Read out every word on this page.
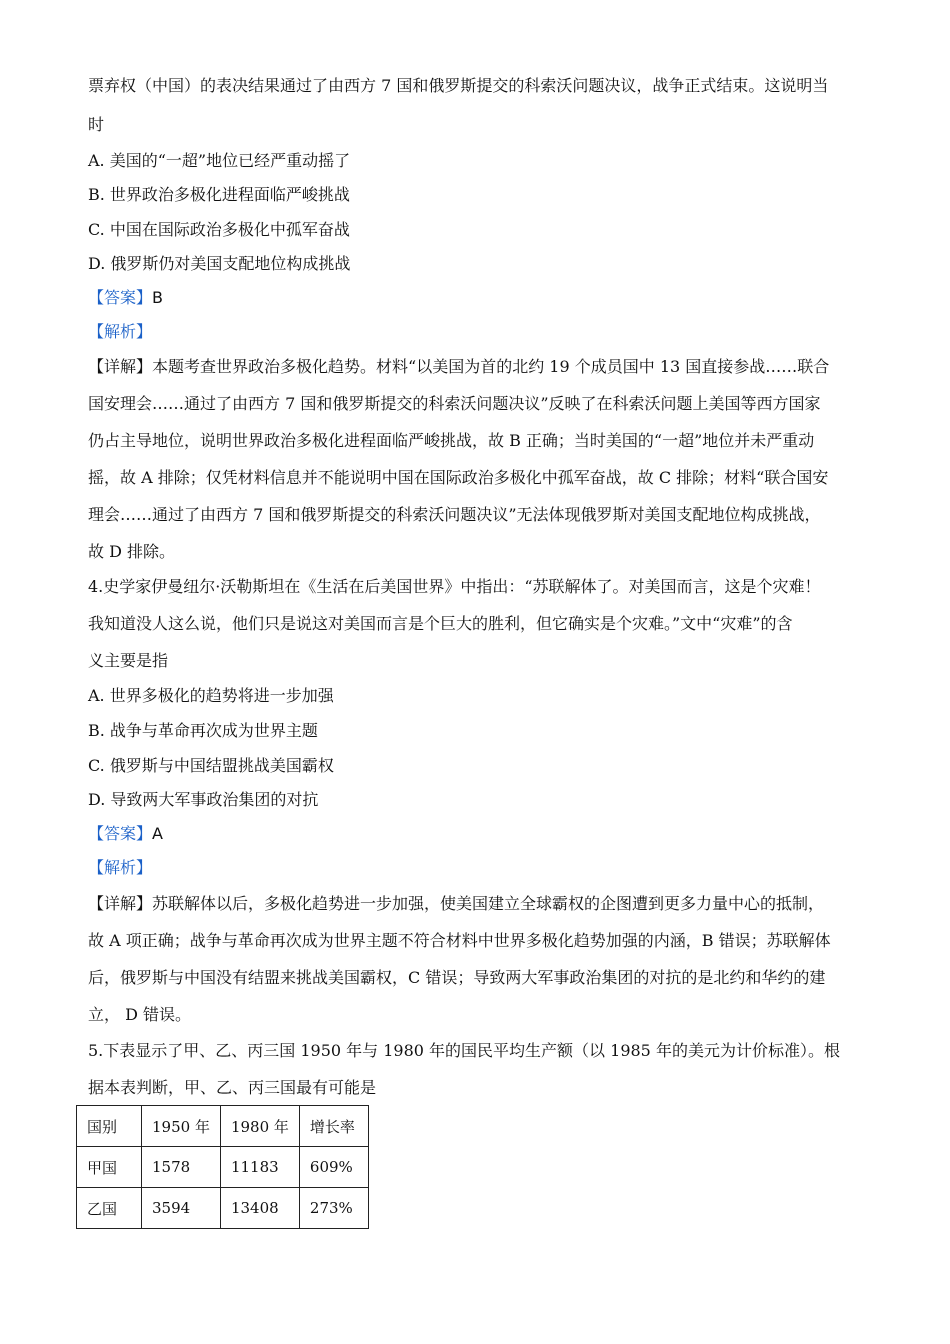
票弃权（中国）的表决结果通过了由西方 7 国和俄罗斯提交的科索沃问题决议，战争正式结束。这说明当
时
A. 美国的“一超”地位已经严重动摇了
B. 世界政治多极化进程面临严峻挑战
C. 中国在国际政治多极化中孤军奋战
D. 俄罗斯仍对美国支配地位构成挑战
【答案】B
【解析】
【详解】本题考查世界政治多极化趋势。材料“以美国为首的北约 19 个成员国中 13 国直接参战……联合
国安理会……通过了由西方 7 国和俄罗斯提交的科索沃问题决议”反映了在科索沃问题上美国等西方国家
仍占主导地位，说明世界政治多极化进程面临严峻挑战，故 B 正确；当时美国的“一超”地位并未严重动
摇，故 A 排除；仅凭材料信息并不能说明中国在国际政治多极化中孤军奋战，故 C 排除；材料“联合国安
理会……通过了由西方 7 国和俄罗斯提交的科索沃问题决议”无法体现俄罗斯对美国支配地位构成挑战，
故 D 排除。
4.史学家伊曼纽尔·沃勒斯坦在《生活在后美国世界》中指出：“苏联解体了。对美国而言，这是个灾难！
我知道没人这么说，他们只是说这对美国而言是个巨大的胜利，但它确实是个灾难。”文中“灾难”的含
义主要是指
A. 世界多极化的趋势将进一步加强
B. 战争与革命再次成为世界主题
C. 俄罗斯与中国结盟挑战美国霸权
D. 导致两大军事政治集团的对抗
【答案】A
【解析】
【详解】苏联解体以后，多极化趋势进一步加强，使美国建立全球霸权的企图遭到更多力量中心的抵制，
故 A 项正确；战争与革命再次成为世界主题不符合材料中世界多极化趋势加强的内涵，B 错误；苏联解体
后，俄罗斯与中国没有结盟来挑战美国霸权，C 错误；导致两大军事政治集团的对抗的是北约和华约的建
立， D 错误。
5.下表显示了甲、乙、丙三国 1950 年与 1980 年的国民平均生产额（以 1985 年的美元为计价标准）。根
据本表判断，甲、乙、丙三国最有可能是
国别	1950 年	1980 年	增长率
甲国	1578	11183	609%
乙国	3594	13408	273%
